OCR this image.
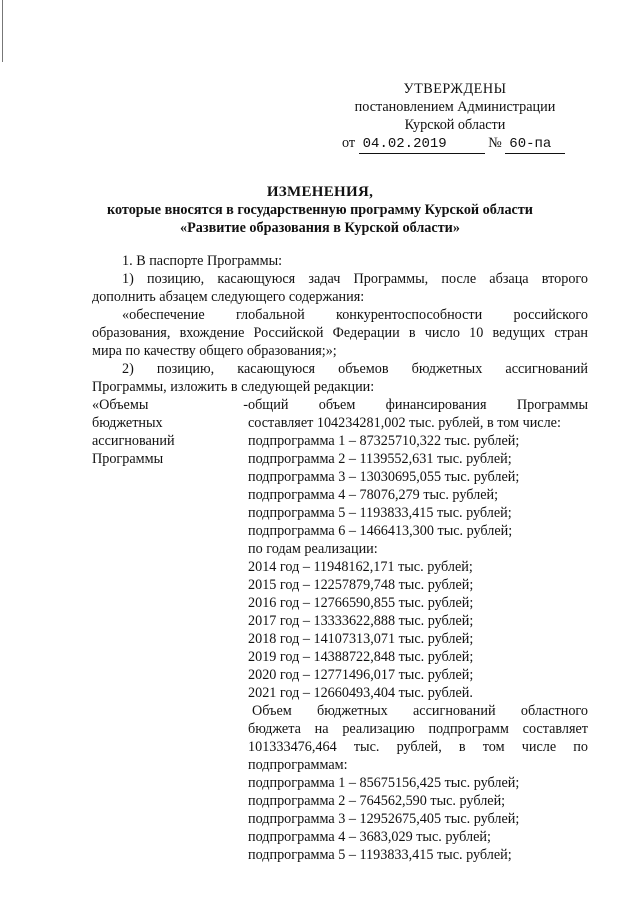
УТВЕРЖДЕНЫ
постановлением Администрации
Курской области
от 04.02.2019	№ 60-па
ИЗМЕНЕНИЯ,
которые вносятся в государственную программу Курской области
«Развитие образования в Курской области»
1. В паспорте Программы:
1) позицию, касающуюся задач Программы, после абзаца второго
дополнить абзацем следующего содержания:
«обеспечение глобальной конкурентоспособности российского
образования, вхождение Российской Федерации в число 10 ведущих стран
мира по качеству общего образования;»;
2) позицию, касающуюся объемов бюджетных ассигнований
Программы, изложить в следующей редакции:
«Объемы
бюджетных
ассигнований
Программы
- общий объем финансирования Программы
составляет 104234281,002 тыс. рублей, в том числе:
подпрограмма 1 – 87325710,322 тыс. рублей;
подпрограмма 2 – 1139552,631 тыс. рублей;
подпрограмма 3 – 13030695,055 тыс. рублей;
подпрограмма 4 – 78076,279 тыс. рублей;
подпрограмма 5 – 1193833,415 тыс. рублей;
подпрограмма 6 – 1466413,300 тыс. рублей;
по годам реализации:
2014 год – 11948162,171 тыс. рублей;
2015 год – 12257879,748 тыс. рублей;
2016 год – 12766590,855 тыс. рублей;
2017 год – 13333622,888 тыс. рублей;
2018 год – 14107313,071 тыс. рублей;
2019 год – 14388722,848 тыс. рублей;
2020 год – 12771496,017 тыс. рублей;
2021 год – 12660493,404 тыс. рублей.
Объем бюджетных ассигнований областного
бюджета на реализацию подпрограмм составляет
101333476,464 тыс. рублей, в том числе по
подпрограммам:
подпрограмма 1 – 85675156,425 тыс. рублей;
подпрограмма 2 – 764562,590 тыс. рублей;
подпрограмма 3 – 12952675,405 тыс. рублей;
подпрограмма 4 – 3683,029 тыс. рублей;
подпрограмма 5 – 1193833,415 тыс. рублей;
